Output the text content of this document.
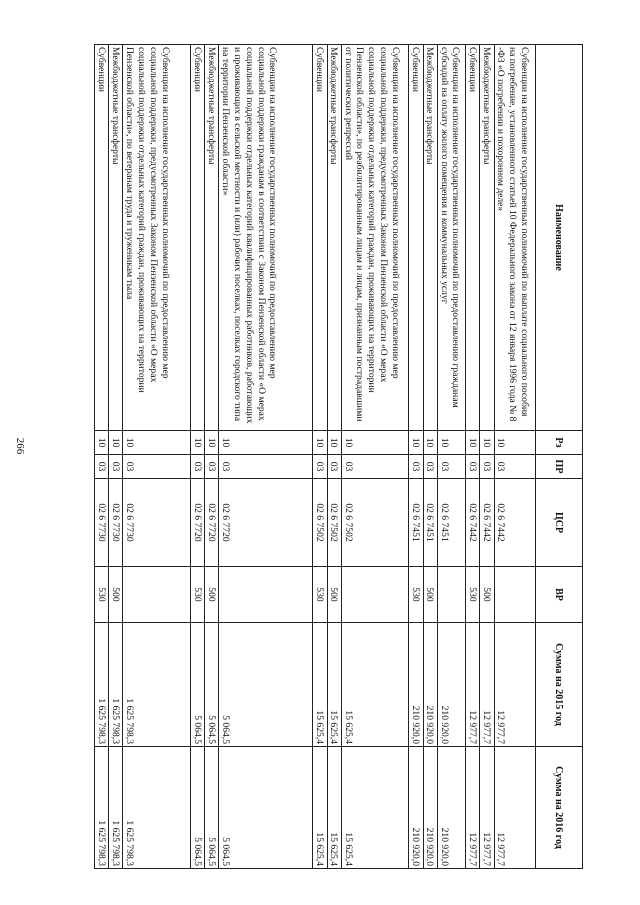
266
Наименование	Рз	ПР	ЦСР	ВР	Сумма на 2015 год	Сумма на 2016 год
Субвенции на исполнение государственных полномочий по выплате социального пособия на погребение, установленного статьей 10 Федерального закона от 12 января 1996 года № 8 -ФЗ «О погребении и похоронном деле»	10	03	02 6 7442		12 977,7	12 977,7
Межбюджетные трансферты	10	03	02 6 7442	500	12 977,7	12 977,7
Субвенции	10	03	02 6 7442	530	12 977,7	12 977,7
Субвенции на исполнение государственных полномочий по предоставлению гражданам субсидий на оплату жилого помещения и коммунальных услуг	10	03	02 6 7451		210 920,0	210 920,0
Межбюджетные трансферты	10	03	02 6 7451	500	210 920,0	210 920,0
Субвенции	10	03	02 6 7451	530	210 920,0	210 920,0
Субвенции на исполнение государственных полномочий по предоставлению мер социальной поддержки, предусмотренных Законом Пензенской области «О мерах социальной поддержки отдельных категорий граждан, проживающих на территории Пензенской области», по реабилитированным лицам и лицам, признанным пострадавшими от политических репрессий	10	03	02 6 7502		15 625,4	15 625,4
Межбюджетные трансферты	10	03	02 6 7502	500	15 625,4	15 625,4
Субвенции	10	03	02 6 7502	530	15 625,4	15 625,4
Субвенции на исполнение государственных полномочий по предоставлению мер социальной поддержки гражданам в соответствии с Законом Пензенской области «О мерах социальной поддержки отдельных категорий квалифицированных работников, работающих и проживающих в сельской местности и (или) рабочих поселках, поселках городского типа на территории Пензенской области»	10	03	02 6 7720		5 064,5	5 064,5
Межбюджетные трансферты	10	03	02 6 7720	500	5 064,5	5 064,5
Субвенции	10	03	02 6 7720	530	5 064,5	5 064,5
Субвенции на исполнение государственных полномочий по предоставлению мер социальной поддержки, предусмотренных Законом Пензенской области «О мерах социальной поддержки отдельных категорий граждан, проживающих на территории Пензенской области», по ветеранам труда и труженикам тыла	10	03	02 6 7730		1 625 798,3	1 625 798,3
Межбюджетные трансферты	10	03	02 6 7730	500	1 625 798,3	1 625 798,3
Субвенции	10	03	02 6 7730	530	1 625 798,3	1 625 798,3
